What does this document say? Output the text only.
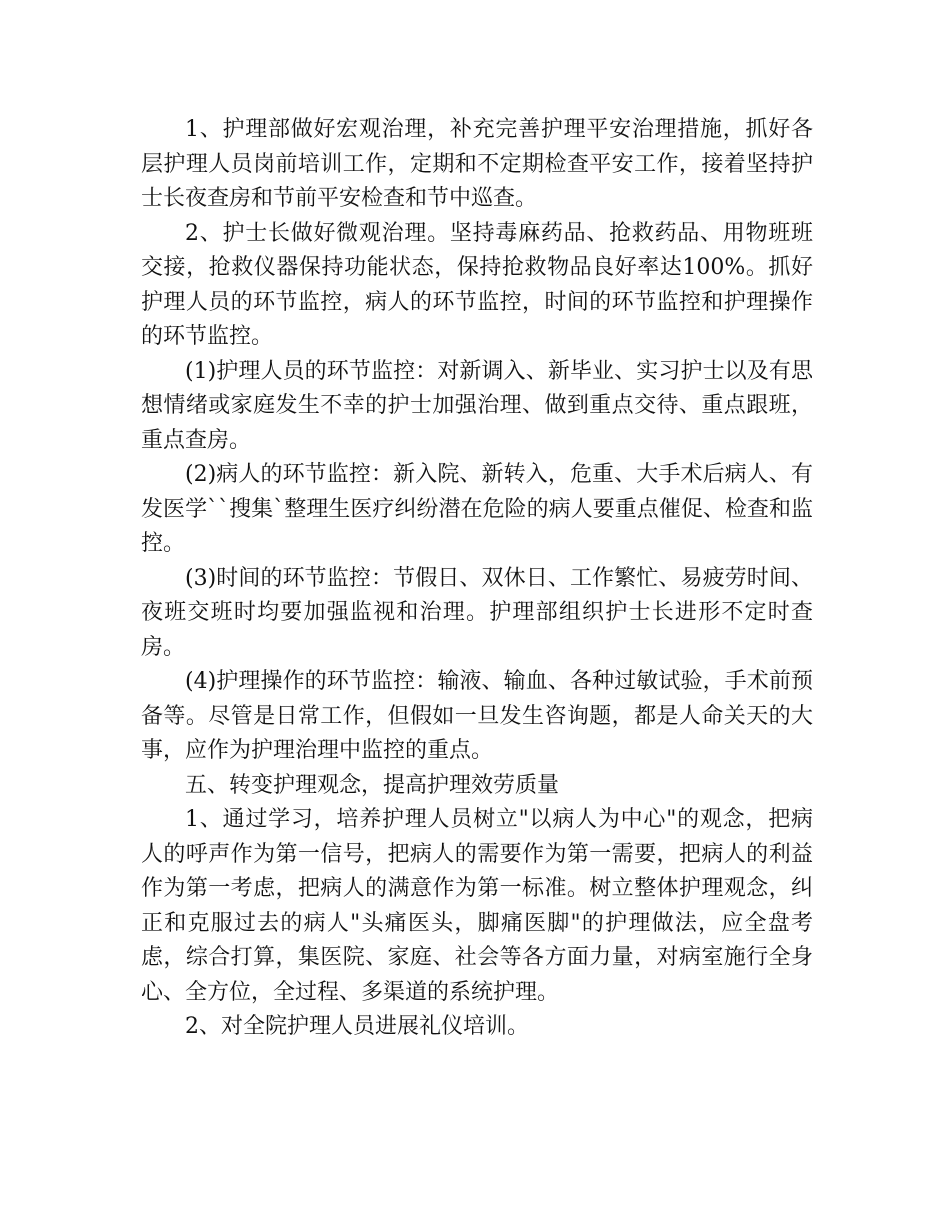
1、护理部做好宏观治理，补充完善护理平安治理措施，抓好各层护理人员岗前培训工作，定期和不定期检查平安工作，接着坚持护士长夜查房和节前平安检查和节中巡查。

2、护士长做好微观治理。坚持毒麻药品、抢救药品、用物班班交接，抢救仪器保持功能状态，保持抢救物品良好率达100%。抓好护理人员的环节监控，病人的环节监控，时间的环节监控和护理操作的环节监控。

(1)护理人员的环节监控：对新调入、新毕业、实习护士以及有思想情绪或家庭发生不幸的护士加强治理、做到重点交待、重点跟班，重点查房。

(2)病人的环节监控：新入院、新转入，危重、大手术后病人、有发医学``搜集`整理生医疗纠纷潜在危险的病人要重点催促、检查和监控。

(3)时间的环节监控：节假日、双休日、工作繁忙、易疲劳时间、夜班交班时均要加强监视和治理。护理部组织护士长进形不定时查房。

(4)护理操作的环节监控：输液、输血、各种过敏试验，手术前预备等。尽管是日常工作，但假如一旦发生咨询题，都是人命关天的大事，应作为护理治理中监控的重点。

五、转变护理观念，提高护理效劳质量

1、通过学习，培养护理人员树立"以病人为中心"的观念，把病人的呼声作为第一信号，把病人的需要作为第一需要，把病人的利益作为第一考虑，把病人的满意作为第一标准。树立整体护理观念，纠正和克服过去的病人"头痛医头，脚痛医脚"的护理做法，应全盘考虑，综合打算，集医院、家庭、社会等各方面力量，对病室施行全身心、全方位，全过程、多渠道的系统护理。

2、对全院护理人员进展礼仪培训。
